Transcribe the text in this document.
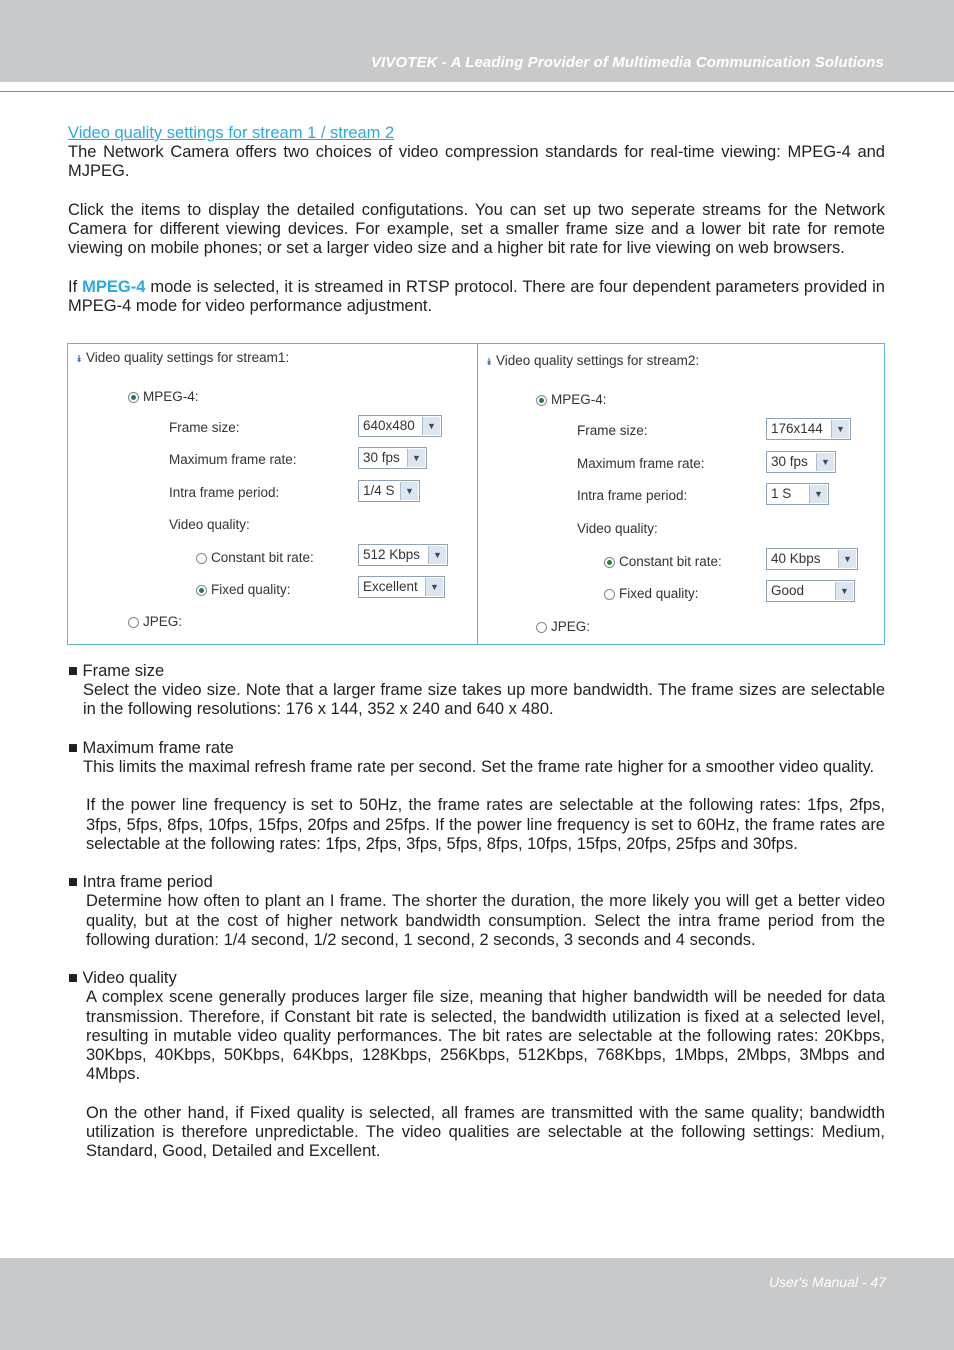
VIVOTEK - A Leading Provider of Multimedia Communication Solutions

Video quality settings for stream 1 / stream 2

The Network Camera offers two choices of video compression standards for real-time viewing: MPEG-4 and MJPEG.

Click the items to display the detailed configutations. You can set up two seperate streams for the Network Camera for different viewing devices. For example, set a smaller frame size and a lower bit rate for remote viewing on mobile phones; or set a larger video size and a higher bit rate for live viewing on web browsers.

If MPEG-4 mode is selected, it is streamed in RTSP protocol. There are four dependent parameters provided in MPEG-4 mode for video performance adjustment.

⯯ Video quality settings for stream1:
MPEG-4:
Frame size:	640x480	▼
Maximum frame rate:	30 fps	▼
Intra frame period:	1/4 S	▼
Video quality:
Constant bit rate:	512 Kbps	▼
Fixed quality:	Excellent	▼
JPEG:
⯯ Video quality settings for stream2:
MPEG-4:
Frame size:	176x144	▼
Maximum frame rate:	30 fps	▼
Intra frame period:	1 S	▼
Video quality:
Constant bit rate:	40 Kbps	▼
Fixed quality:	Good	▼
JPEG:

■ Frame size

Select the video size. Note that a larger frame size takes up more bandwidth. The frame sizes are selectable in the following resolutions: 176 x 144, 352 x 240 and 640 x 480.

■ Maximum frame rate

This limits the maximal refresh frame rate per second. Set the frame rate higher for a smoother video quality.

If the power line frequency is set to 50Hz, the frame rates are selectable at the following rates: 1fps, 2fps, 3fps, 5fps, 8fps, 10fps, 15fps, 20fps and 25fps. If the power line frequency is set to 60Hz, the frame rates are selectable at the following rates: 1fps, 2fps, 3fps, 5fps, 8fps, 10fps, 15fps, 20fps, 25fps and 30fps.

■ Intra frame period

Determine how often to plant an I frame. The shorter the duration, the more likely you will get a better video quality, but at the cost of higher network bandwidth consumption. Select the intra frame period from the following duration: 1/4 second, 1/2 second, 1 second, 2 seconds, 3 seconds and 4 seconds.

■ Video quality

A complex scene generally produces larger file size, meaning that higher bandwidth will be needed for data transmission. Therefore, if Constant bit rate is selected, the bandwidth utilization is fixed at a selected level, resulting in mutable video quality performances. The bit rates are selectable at the following rates: 20Kbps, 30Kbps, 40Kbps, 50Kbps, 64Kbps, 128Kbps, 256Kbps, 512Kbps, 768Kbps, 1Mbps, 2Mbps, 3Mbps and 4Mbps.

On the other hand, if Fixed quality is selected, all frames are transmitted with the same quality; bandwidth utilization is therefore unpredictable. The video qualities are selectable at the following settings: Medium, Standard, Good, Detailed and Excellent.

User's Manual - 47
